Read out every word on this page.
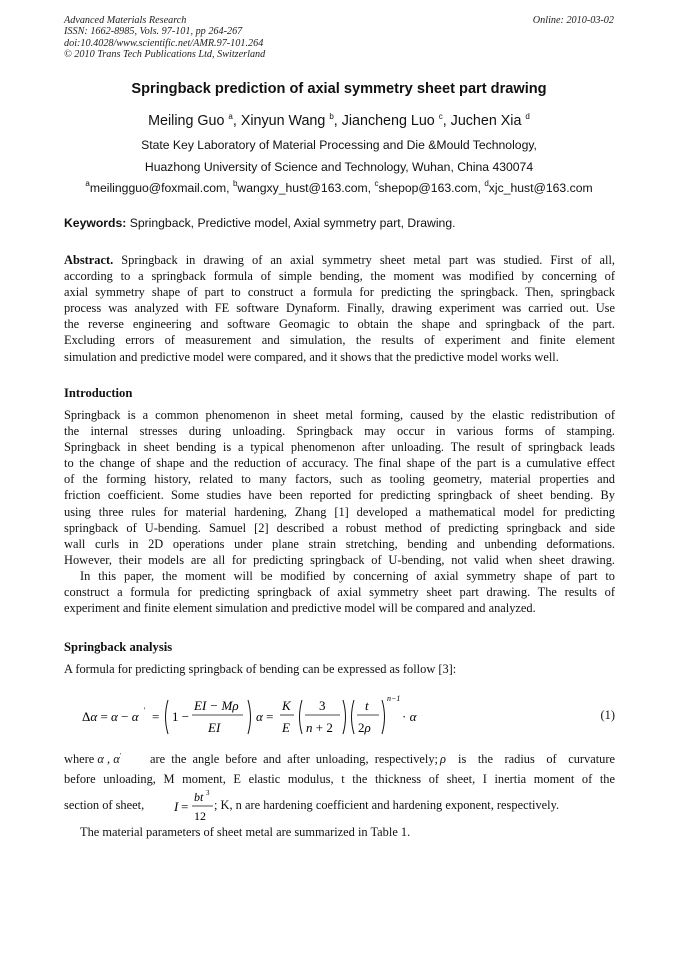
Advanced Materials Research
ISSN: 1662-8985, Vols. 97-101, pp 264-267
doi:10.4028/www.scientific.net/AMR.97-101.264
© 2010 Trans Tech Publications Ltd, Switzerland
Online: 2010-03-02
Springback prediction of axial symmetry sheet part drawing
Meiling Guo $^a$, Xinyun Wang $^b$, Jiancheng Luo $^c$, Juchen Xia $^d$
State Key Laboratory of Material Processing and Die &Mould Technology,
Huazhong University of Science and Technology, Wuhan, China 430074
$^a$meilingguo@foxmail.com, $^b$wangxy_hust@163.com, $^c$shepop@163.com, $^d$xjc_hust@163.com
Keywords: Springback, Predictive model, Axial symmetry part, Drawing.
Abstract. Springback in drawing of an axial symmetry sheet metal part was studied. First of all,
according to a springback formula of simple bending, the moment was modified by concerning of
axial symmetry shape of part to construct a formula for predicting the springback. Then, springback
process was analyzed with FE software Dynaform. Finally, drawing experiment was carried out. Use
the reverse engineering and software Geomagic to obtain the shape and springback of the part.
Excluding errors of measurement and simulation, the results of experiment and finite element
simulation and predictive model were compared, and it shows that the predictive model works well.
Introduction
Springback is a common phenomenon in sheet metal forming, caused by the elastic redistribution of
the internal stresses during unloading. Springback may occur in various forms of stamping.
Springback in sheet bending is a typical phenomenon after unloading. The result of springback leads
to the change of shape and the reduction of accuracy. The final shape of the part is a cumulative effect
of the forming history, related to many factors, such as tooling geometry, material properties and
friction coefficient. Some studies have been reported for predicting springback of sheet bending. By
using three rules for material hardening, Zhang [1] developed a mathematical model for predicting
springback of U-bending. Samuel [2] described a robust method of predicting springback and side
wall curls in 2D operations under plane strain stretching, bending and unbending deformations.
However, their models are all for predicting springback of U-bending, not valid when sheet drawing.
In this paper, the moment will be modified by concerning of axial symmetry shape of part to
construct a formula for predicting springback of axial symmetry sheet part drawing. The results of
experiment and finite element simulation and predictive model will be compared and analyzed.
Springback analysis
A formula for predicting springback of bending can be expressed as follow [3]:
Δα = α − α ' = 1 −
EI − Mρ
EI
α =
K
E
3
n + 2
t
2ρ
n−1
· α	(1)
where α , α' are the angle before and after unloading, respectively; ρ is the radius of curvature
before unloading, M moment, E elastic modulus, t the thickness of sheet, I inertia moment of the
section of sheet, I =
bt 3
12
; K, n are hardening coefficient and hardening exponent, respectively.
The material parameters of sheet metal are summarized in Table 1.
